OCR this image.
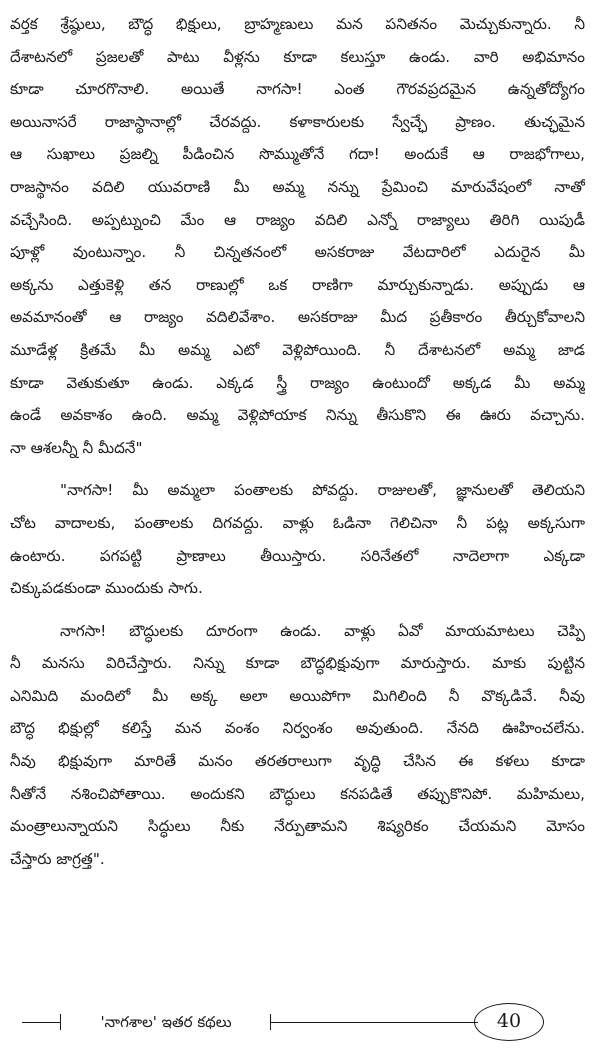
వర్తక శ్రేష్ఠులు, బౌద్ధ భిక్షులు, బ్రాహ్మణులు మన పనితనం మెచ్చుకున్నారు. నీ
దేశాటనలో ప్రజలతో పాటు వీళ్లను కూడా కలుస్తూ ఉండు. వారి అభిమానం
కూడా చూరగొనాలి. అయితే నాగసా! ఎంత గౌరవప్రదమైన ఉన్నతోద్యోగం
అయినాసరే రాజాస్థానాల్లో చేరవద్దు. కళాకారులకు స్వేచ్ఛే ప్రాణం. తుచ్ఛమైన
ఆ సుఖాలు ప్రజల్ని పీడించిన సొమ్ముతోనే గదా! అందుకే ఆ రాజభోగాలు,
రాజస్థానం వదిలి యువరాణి మీ అమ్మ నన్ను ప్రేమించి మారువేషంలో నాతో
వచ్చేసింది. అప్పట్నుంచి మేం ఆ రాజ్యం వదిలి ఎన్నో రాజ్యాలు తిరిగి యిపుడీ
పూళ్లో వుంటున్నాం. నీ చిన్నతనంలో అసకరాజు వేటదారిలో ఎదురైన మీ
అక్కను ఎత్తుకెళ్లి తన రాణుల్లో ఒక రాణిగా మార్చుకున్నాడు. అప్పుడు ఆ
అవమానంతో ఆ రాజ్యం వదిలివేశాం. అసకరాజు మీద ప్రతీకారం తీర్చుకోవాలని
మూడేళ్ల క్రితమే మీ అమ్మ ఎటో వెళ్లిపోయింది. నీ దేశాటనలో అమ్మ జాడ
కూడా వెతుకుతూ ఉండు. ఎక్కడ స్త్రీ రాజ్యం ఉంటుందో అక్కడ మీ అమ్మ
ఉండే అవకాశం ఉంది. అమ్మ వెళ్లిపోయాక నిన్ను తీసుకొని ఈ ఊరు వచ్చాను.
నా ఆశలన్నీ నీ మీదనే"
"నాగసా! మీ అమ్మలా పంతాలకు పోవద్దు. రాజులతో, జ్ఞానులతో తెలియని
చోట వాదాలకు, పంతాలకు దిగవద్దు. వాళ్లు ఓడినా గెలిచినా నీ పట్ల అక్కసుగా
ఉంటారు. పగపట్టి ప్రాణాలు తీయిస్తారు. సరినేతలో నాదెలాగా ఎక్కడా
చిక్కుపడకుండా ముందుకు సాగు.
నాగసా! బౌద్ధులకు దూరంగా ఉండు. వాళ్లు ఏవో మాయమాటలు చెప్పి
నీ మనసు విరిచేస్తారు. నిన్ను కూడా బౌద్ధభిక్షువుగా మారుస్తారు. మాకు పుట్టిన
ఎనిమిది మందిలో మీ అక్క అలా అయిపోగా మిగిలింది నీ వొక్కడివే. నీవు
బౌద్ధ భిక్షుల్లో కలిస్తే మన వంశం నిర్వంశం అవుతుంది. నేనది ఊహించలేను.
నీవు భిక్షువుగా మారితే మనం తరతరాలుగా వృద్ధి చేసిన ఈ కళలు కూడా
నీతోనే నశించిపోతాయి. అందుకని బౌద్ధులు కనపడితే తప్పుకొనిపో. మహిమలు,
మంత్రాలున్నాయని సిద్ధులు నీకు నేర్పుతామని శిష్యరికం చేయమని మోసం
చేస్తారు జాగ్రత్త".
'నాగశాల' ఇతర కథలు	40
